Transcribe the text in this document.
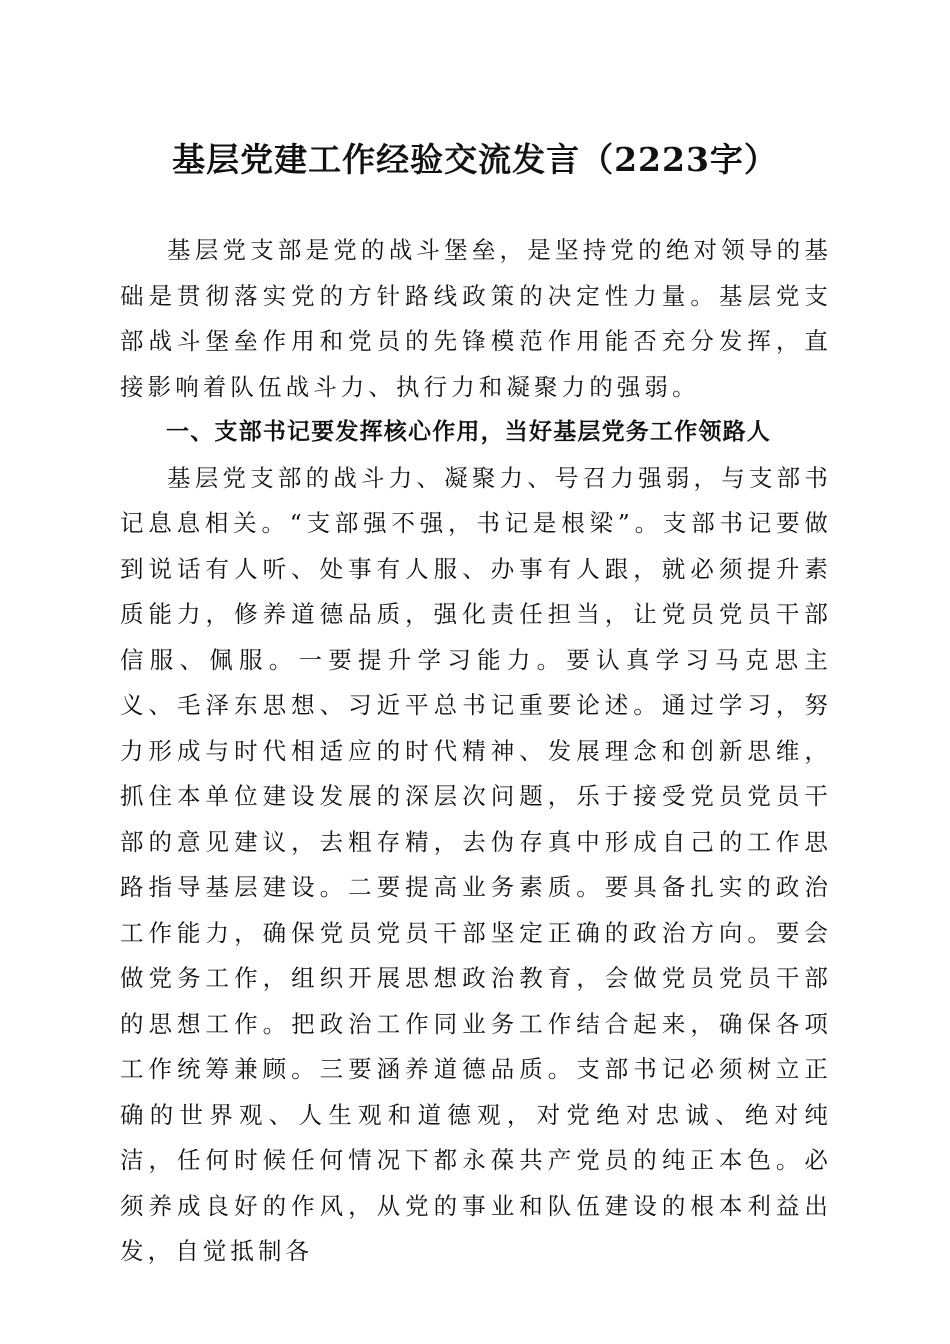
基层党建工作经验交流发言（2223字）

基层党支部是党的战斗堡垒，是坚持党的绝对领导的基础是贯彻落实党的方针路线政策的决定性力量。基层党支部战斗堡垒作用和党员的先锋模范作用能否充分发挥，直接影响着队伍战斗力、执行力和凝聚力的强弱。

一、支部书记要发挥核心作用，当好基层党务工作领路人

基层党支部的战斗力、凝聚力、号召力强弱，与支部书记息息相关。“支部强不强，书记是根梁”。支部书记要做到说话有人听、处事有人服、办事有人跟，就必须提升素质能力，修养道德品质，强化责任担当，让党员党员干部信服、佩服。一要提升学习能力。要认真学习马克思主义、毛泽东思想、习近平总书记重要论述。通过学习，努力形成与时代相适应的时代精神、发展理念和创新思维，抓住本单位建设发展的深层次问题，乐于接受党员党员干部的意见建议，去粗存精，去伪存真中形成自己的工作思路指导基层建设。二要提高业务素质。要具备扎实的政治工作能力，确保党员党员干部坚定正确的政治方向。要会做党务工作，组织开展思想政治教育，会做党员党员干部的思想工作。把政治工作同业务工作结合起来，确保各项工作统筹兼顾。三要涵养道德品质。支部书记必须树立正确的世界观、人生观和道德观，对党绝对忠诚、绝对纯洁，任何时候任何情况下都永葆共产党员的纯正本色。必须养成良好的作风，从党的事业和队伍建设的根本利益出发，自觉抵制各
